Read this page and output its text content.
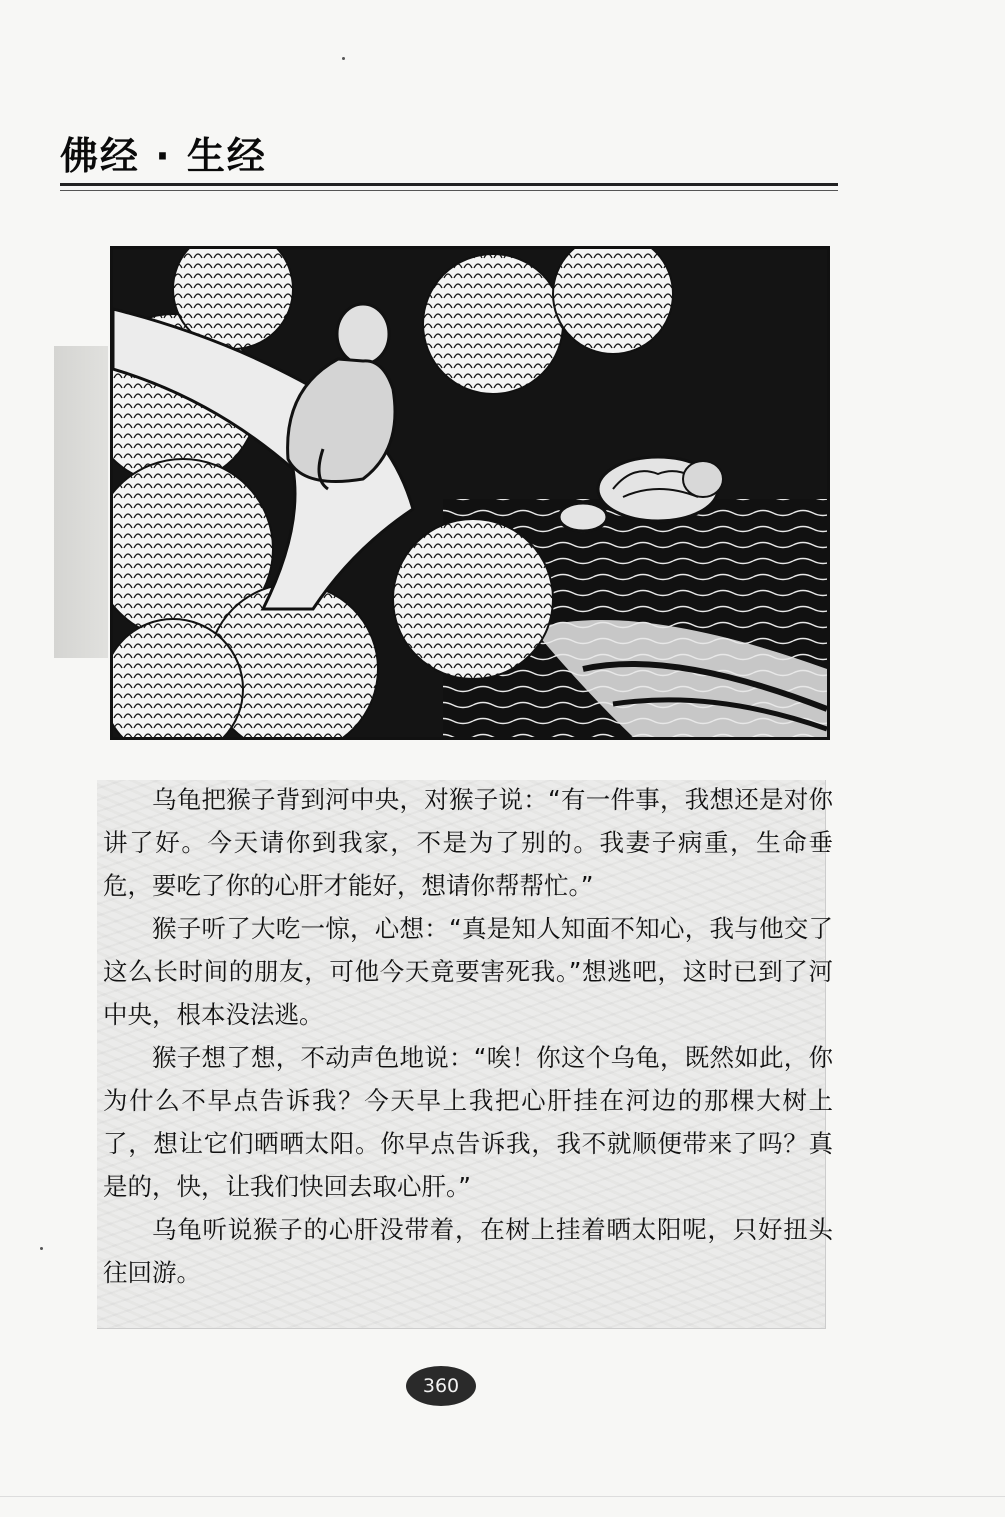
佛经 · 生经

乌龟把猴子背到河中央，对猴子说：“有一件事，我想还是对你讲了好。今天请你到我家，不是为了别的。我妻子病重，生命垂危，要吃了你的心肝才能好，想请你帮帮忙。”

猴子听了大吃一惊，心想：“真是知人知面不知心，我与他交了这么长时间的朋友，可他今天竟要害死我。”想逃吧，这时已到了河中央，根本没法逃。

猴子想了想，不动声色地说：“唉！你这个乌龟，既然如此，你为什么不早点告诉我？今天早上我把心肝挂在河边的那棵大树上了，想让它们晒晒太阳。你早点告诉我，我不就顺便带来了吗？真是的，快，让我们快回去取心肝。”

乌龟听说猴子的心肝没带着，在树上挂着晒太阳呢，只好扭头往回游。

360
